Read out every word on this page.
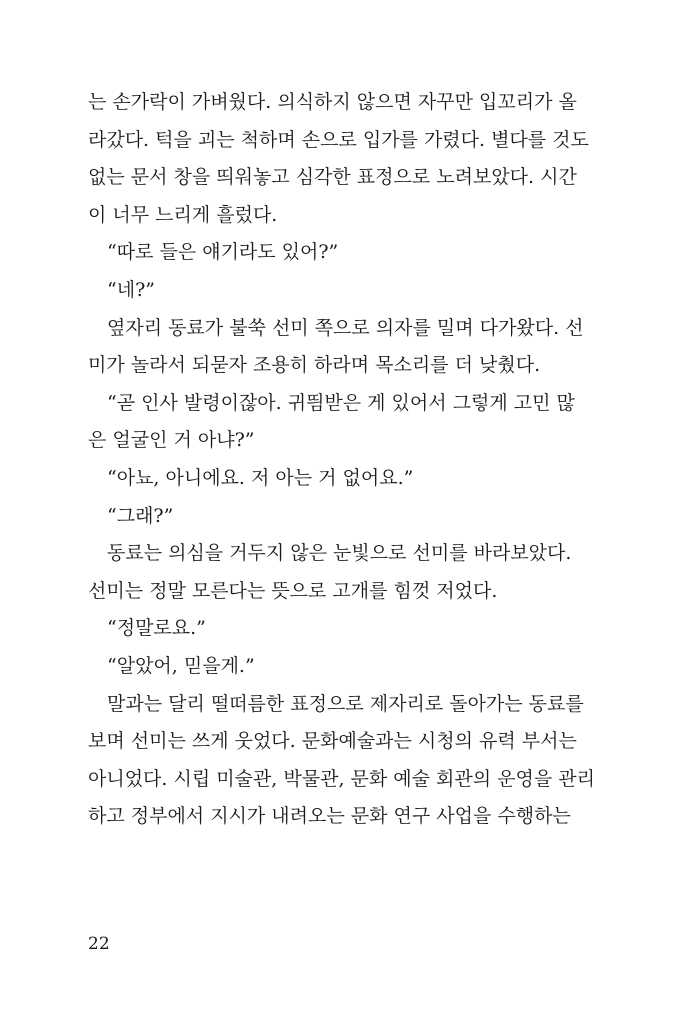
는 손가락이 가벼웠다. 의식하지 않으면 자꾸만 입꼬리가 올
라갔다. 턱을 괴는 척하며 손으로 입가를 가렸다. 별다를 것도
없는 문서 창을 띄워놓고 심각한 표정으로 노려보았다. 시간
이 너무 느리게 흘렀다.
“따로 들은 얘기라도 있어?”
“네?”
옆자리 동료가 불쑥 선미 쪽으로 의자를 밀며 다가왔다. 선
미가 놀라서 되묻자 조용히 하라며 목소리를 더 낮췄다.
“곧 인사 발령이잖아. 귀띔받은 게 있어서 그렇게 고민 많
은 얼굴인 거 아냐?”
“아뇨, 아니에요. 저 아는 거 없어요.”
“그래?”
동료는 의심을 거두지 않은 눈빛으로 선미를 바라보았다.
선미는 정말 모른다는 뜻으로 고개를 힘껏 저었다.
“정말로요.”
“알았어, 믿을게.”
말과는 달리 떨떠름한 표정으로 제자리로 돌아가는 동료를
보며 선미는 쓰게 웃었다. 문화예술과는 시청의 유력 부서는
아니었다. 시립 미술관, 박물관, 문화 예술 회관의 운영을 관리
하고 정부에서 지시가 내려오는 문화 연구 사업을 수행하는
22
